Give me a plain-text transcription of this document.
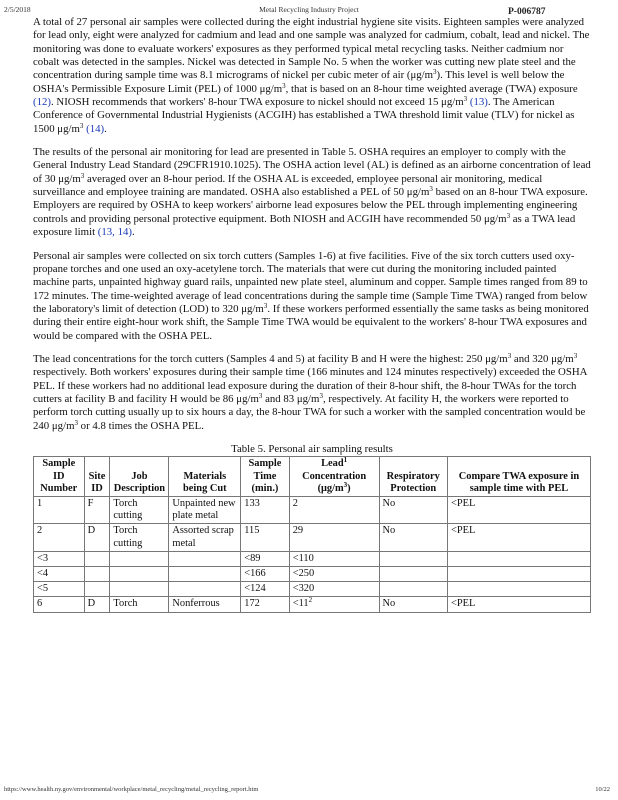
2/5/2018	Metal Recycling Industry Project	P-006787

A total of 27 personal air samples were collected during the eight industrial hygiene site visits. Eighteen samples were analyzed for lead only, eight were analyzed for cadmium and lead and one sample was analyzed for cadmium, cobalt, lead and nickel. The monitoring was done to evaluate workers' exposures as they performed typical metal recycling tasks. Neither cadmium nor cobalt was detected in the samples. Nickel was detected in Sample No. 5 when the worker was cutting new plate steel and the concentration during sample time was 8.1 micrograms of nickel per cubic meter of air $(\mu g/m^3)$. This level is well below the OSHA's Permissible Exposure Limit (PEL) of 1000 $\mu g/m^3$, that is based on an 8-hour time weighted average (TWA) exposure (12). NIOSH recommends that workers' 8-hour TWA exposure to nickel should not exceed 15 $\mu g/m^3$ (13). The American Conference of Governmental Industrial Hygienists (ACGIH) has established a TWA threshold limit value (TLV) for nickel as 1500 $\mu g/m^3$ (14).

The results of the personal air monitoring for lead are presented in Table 5. OSHA requires an employer to comply with the General Industry Lead Standard (29CFR1910.1025). The OSHA action level (AL) is defined as an airborne concentration of lead of 30 $\mu g/m^3$ averaged over an 8-hour period. If the OSHA AL is exceeded, employee personal air monitoring, medical surveillance and employee training are mandated. OSHA also established a PEL of 50 $\mu g/m^3$ based on an 8-hour TWA exposure. Employers are required by OSHA to keep workers' airborne lead exposures below the PEL through implementing engineering controls and providing personal protective equipment. Both NIOSH and ACGIH have recommended 50 $\mu g/m^3$ as a TWA lead exposure limit (13, 14).

Personal air samples were collected on six torch cutters (Samples 1-6) at five facilities. Five of the six torch cutters used oxy-propane torches and one used an oxy-acetylene torch. The materials that were cut during the monitoring included painted machine parts, unpainted highway guard rails, unpainted new plate steel, aluminum and copper. Sample times ranged from 89 to 172 minutes. The time-weighted average of lead concentrations during the sample time (Sample Time TWA) ranged from below the laboratory's limit of detection (LOD) to 320 $\mu g/m^3$. If these workers performed essentially the same tasks as being monitored during their entire eight-hour work shift, the Sample Time TWA would be equivalent to the workers' 8-hour TWA exposures and would be compared with the OSHA PEL.

The lead concentrations for the torch cutters (Samples 4 and 5) at facility B and H were the highest: 250 $\mu g/m^3$ and 320 $\mu g/m^3$ respectively. Both workers' exposures during their sample time (166 minutes and 124 minutes respectively) exceeded the OSHA PEL. If these workers had no additional lead exposure during the duration of their 8-hour shift, the 8-hour TWAs for the torch cutters at facility B and facility H would be 86 $\mu g/m^3$ and 83 $\mu g/m^3$, respectively. At facility H, the workers were reported to perform torch cutting usually up to six hours a day, the 8-hour TWA for such a worker with the sampled concentration would be 240 $\mu g/m^3$ or 4.8 times the OSHA PEL.

Table 5. Personal air sampling results
Sample ID Number	Site ID	Job Description	Materials being Cut	Sample Time (min.)	Lead$^1$
Concentration $(\mu g/m^3)$	Respiratory Protection	Compare TWA exposure in sample time with PEL
1	F	Torch cutting	Unpainted new plate metal	133	2	No	<PEL
2	D	Torch cutting	Assorted scrap metal	115	29	No	<PEL
<3				<89	<110		
<4				<166	<250		
<5				<124	<320		
6	D	Torch	Nonferrous	172	$<11^2$	No	<PEL
https://www.health.ny.gov/environmental/workplace/metal_recycling/metal_recycling_report.htm	10/22
